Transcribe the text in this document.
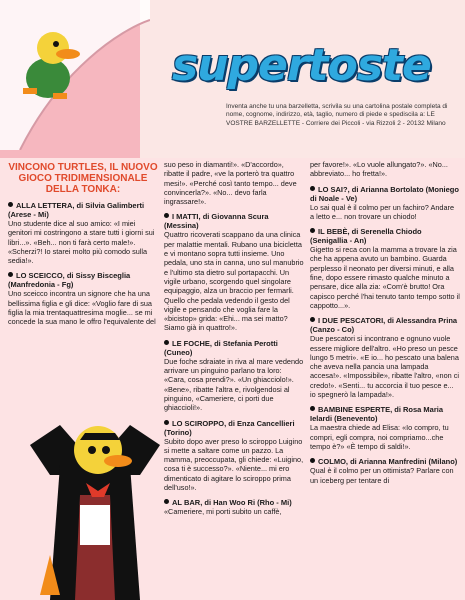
supertoste
Inventa anche tu una barzelletta, scrivila su una cartolina postale completa di nome, cognome, indirizzo, età, taglio, numero di piede e spediscila a: LE VOSTRE BARZELLETTE - Corriere dei Piccoli - via Rizzoli 2 - 20132 Milano
VINCONO TURTLES, IL NUOVO GIOCO TRIDIMENSIONALE DELLA TONKA:
ALLA LETTERA, di Silvia Galimberti (Arese - Mi)
Uno studente dice al suo amico: «I miei genitori mi costringono a stare tutti i giorni sui libri...». «Beh... non ti farà certo male!». «Scherzi?! Io starei molto più comodo sulla sedia!».
LO SCEICCO, di Sissy Bisceglia (Manfredonia - Fg)
Uno sceicco incontra un signore che ha una bellissima figlia e gli dice: «Voglio fare di sua figlia la mia trentaquattresima moglie... se mi concede la sua mano le offro l'equivalente del
suo peso in diamanti!». «D'accordo», ribatte il padre, «ve la porterò tra quattro mesi!». «Perché così tanto tempo... deve convincerla?». «No... devo farla ingrassare!».
I MATTI, di Giovanna Scura (Messina)
Quattro ricoverati scappano da una clinica per malattie mentali. Rubano una bicicletta e vi montano sopra tutti insieme. Uno pedala, uno sta in canna, uno sul manubrio e l'ultimo sta dietro sul portapacchi. Un vigile urbano, scorgendo quel singolare equipaggio, alza un braccio per fermarli. Quello che pedala vedendo il gesto del vigile e pensando che voglia fare la «bicistop» grida: «Ehi... ma sei matto? Siamo già in quattro!».
LE FOCHE, di Stefania Perotti (Cuneo)
Due foche sdraiate in riva al mare vedendo arrivare un pinguino parlano tra loro: «Cara, cosa prendi?». «Un ghiacciolo!». «Bene», ribatte l'altra e, rivolgendosi al pinguino, «Cameriere, ci porti due ghiaccioli!».
LO SCIROPPO, di Enza Cancellieri (Torino)
Subito dopo aver preso lo sciroppo Luigino si mette a saltare come un pazzo. La mamma, preoccupata, gli chiede: «Luigino, cosa ti è successo?». «Niente... mi ero dimenticato di agitare lo sciroppo prima dell'uso!».
AL BAR, di Han Woo Ri (Rho - Mi)
«Cameriere, mi porti subito un caffè,
per favore!». «Lo vuole allungato?». «No... abbreviato... ho fretta!».
LO SAI?, di Arianna Bortolato (Moniego di Noale - Ve)
Lo sai qual è il colmo per un fachiro? Andare a letto e... non trovare un chiodo!
IL BEBÈ, di Serenella Chiodo (Senigallia - An)
Gigetto si reca con la mamma a trovare la zia che ha appena avuto un bambino. Guarda perplesso il neonato per diversi minuti, e alla fine, dopo essere rimasto qualche minuto a pensare, dice alla zia: «Com'è brutto! Ora capisco perché l'hai tenuto tanto tempo sotto il cappotto...».
I DUE PESCATORI, di Alessandra Prina (Canzo - Co)
Due pescatori si incontrano e ognuno vuole essere migliore dell'altro. «Ho preso un pesce lungo 5 metri». «E io... ho pescato una balena che aveva nella pancia una lampada accesa!». «Impossibile», ribatte l'altro, «non ci credo!». «Senti... tu accorcia il tuo pesce e... io spegnerò la lampada!».
BAMBINE ESPERTE, di Rosa Maria Ielardi (Benevento)
La maestra chiede ad Elisa: «Io compro, tu compri, egli compra, noi compriamo...che tempo è?» «È tempo di saldi!».
COLMO, di Arianna Manfredini (Milano)
Qual è il colmo per un ottimista? Parlare con un iceberg per tentare di
